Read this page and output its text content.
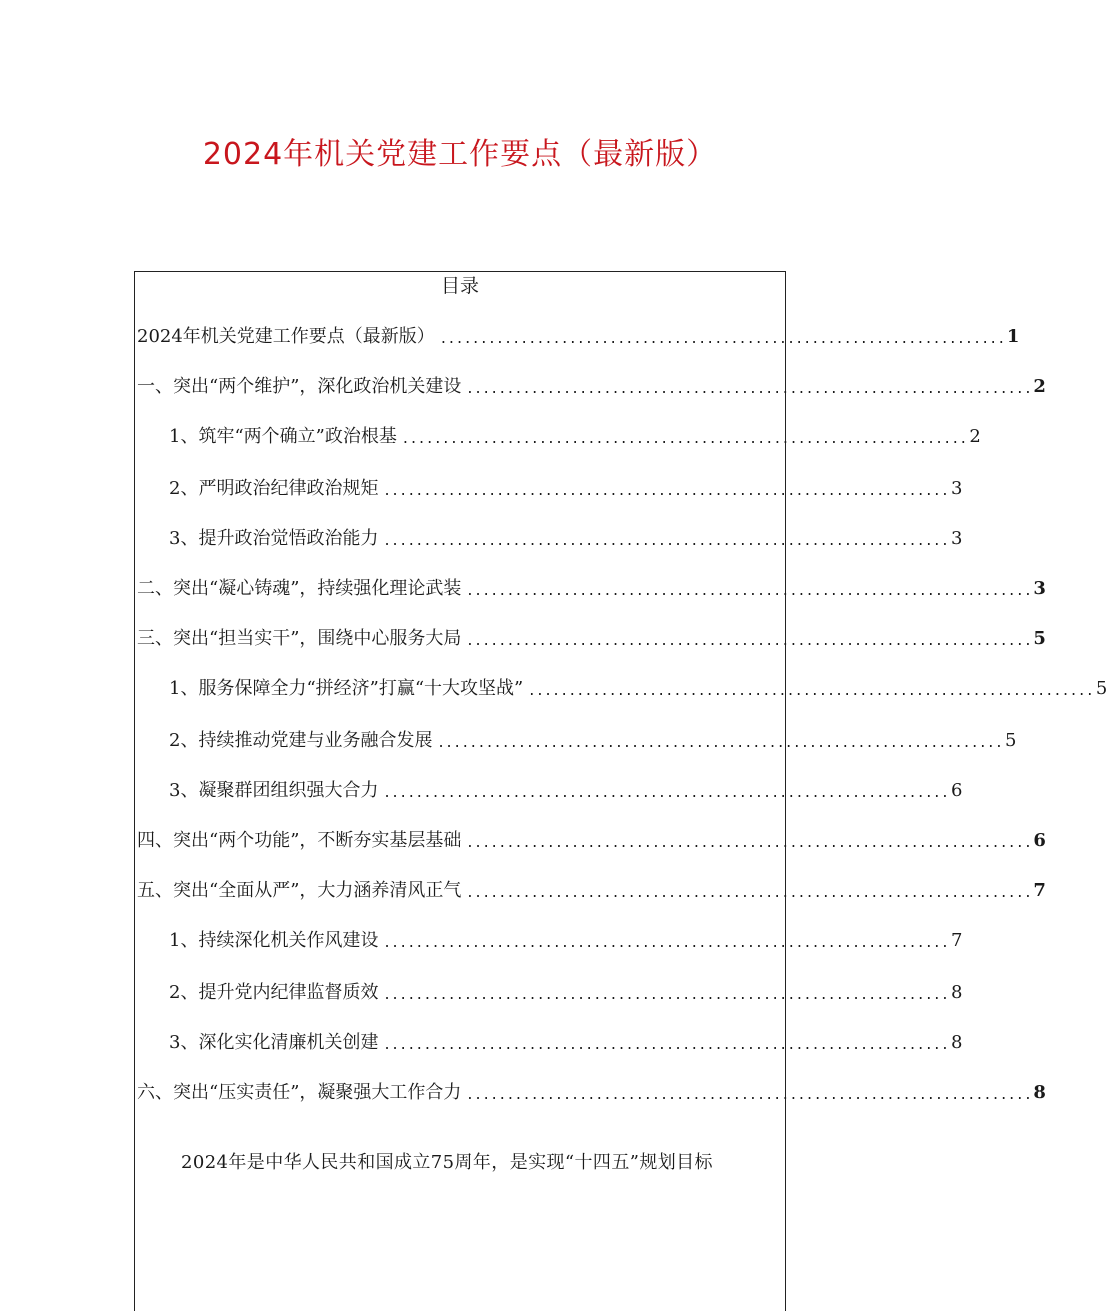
2024年机关党建工作要点（最新版）
目录
2024年机关党建工作要点（最新版） ...................................................................... 1
一、突出“两个维护”，深化政治机关建设 ...................................................................... 2
1、筑牢“两个确立”政治根基 ...................................................................... 2
2、严明政治纪律政治规矩 ...................................................................... 3
3、提升政治觉悟政治能力 ...................................................................... 3
二、突出“凝心铸魂”，持续强化理论武装 ...................................................................... 3
三、突出“担当实干”，围绕中心服务大局 ...................................................................... 5
1、服务保障全力“拼经济”打赢“十大攻坚战” ...................................................................... 5
2、持续推动党建与业务融合发展 ...................................................................... 5
3、凝聚群团组织强大合力 ...................................................................... 6
四、突出“两个功能”，不断夯实基层基础 ...................................................................... 6
五、突出“全面从严”，大力涵养清风正气 ...................................................................... 7
1、持续深化机关作风建设 ...................................................................... 7
2、提升党内纪律监督质效 ...................................................................... 8
3、深化实化清廉机关创建 ...................................................................... 8
六、突出“压实责任”，凝聚强大工作合力 ...................................................................... 8

2024年是中华人民共和国成立75周年，是实现“十四五”规划目标
